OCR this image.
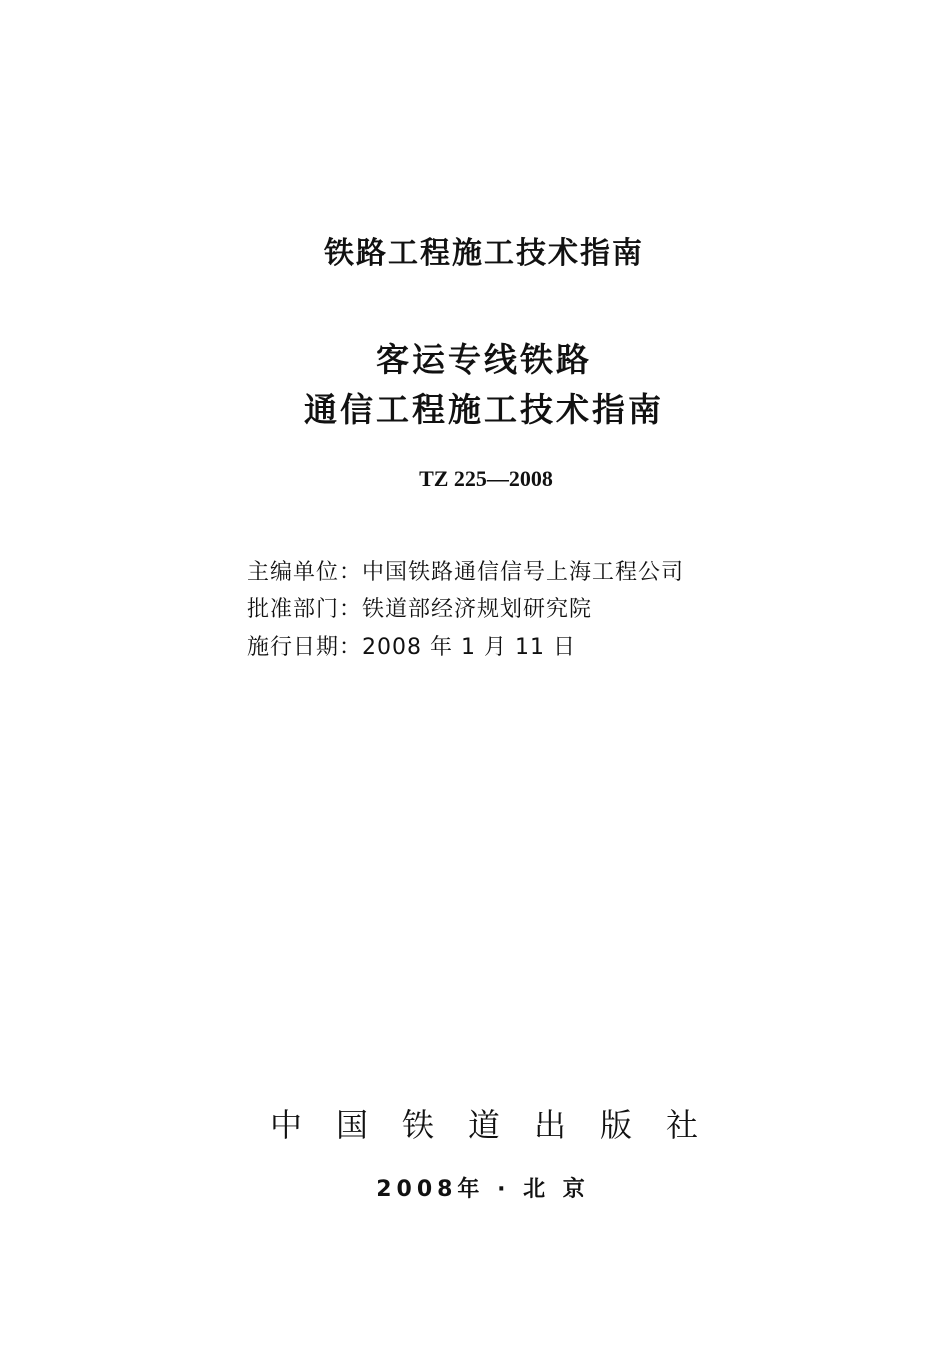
铁路工程施工技术指南
客运专线铁路
通信工程施工技术指南
TZ 225—2008
主编单位：中国铁路通信信号上海工程公司
批准部门：铁道部经济规划研究院
施行日期：2008 年 1 月 11 日
中国铁道出版社
2008年 · 北 京
